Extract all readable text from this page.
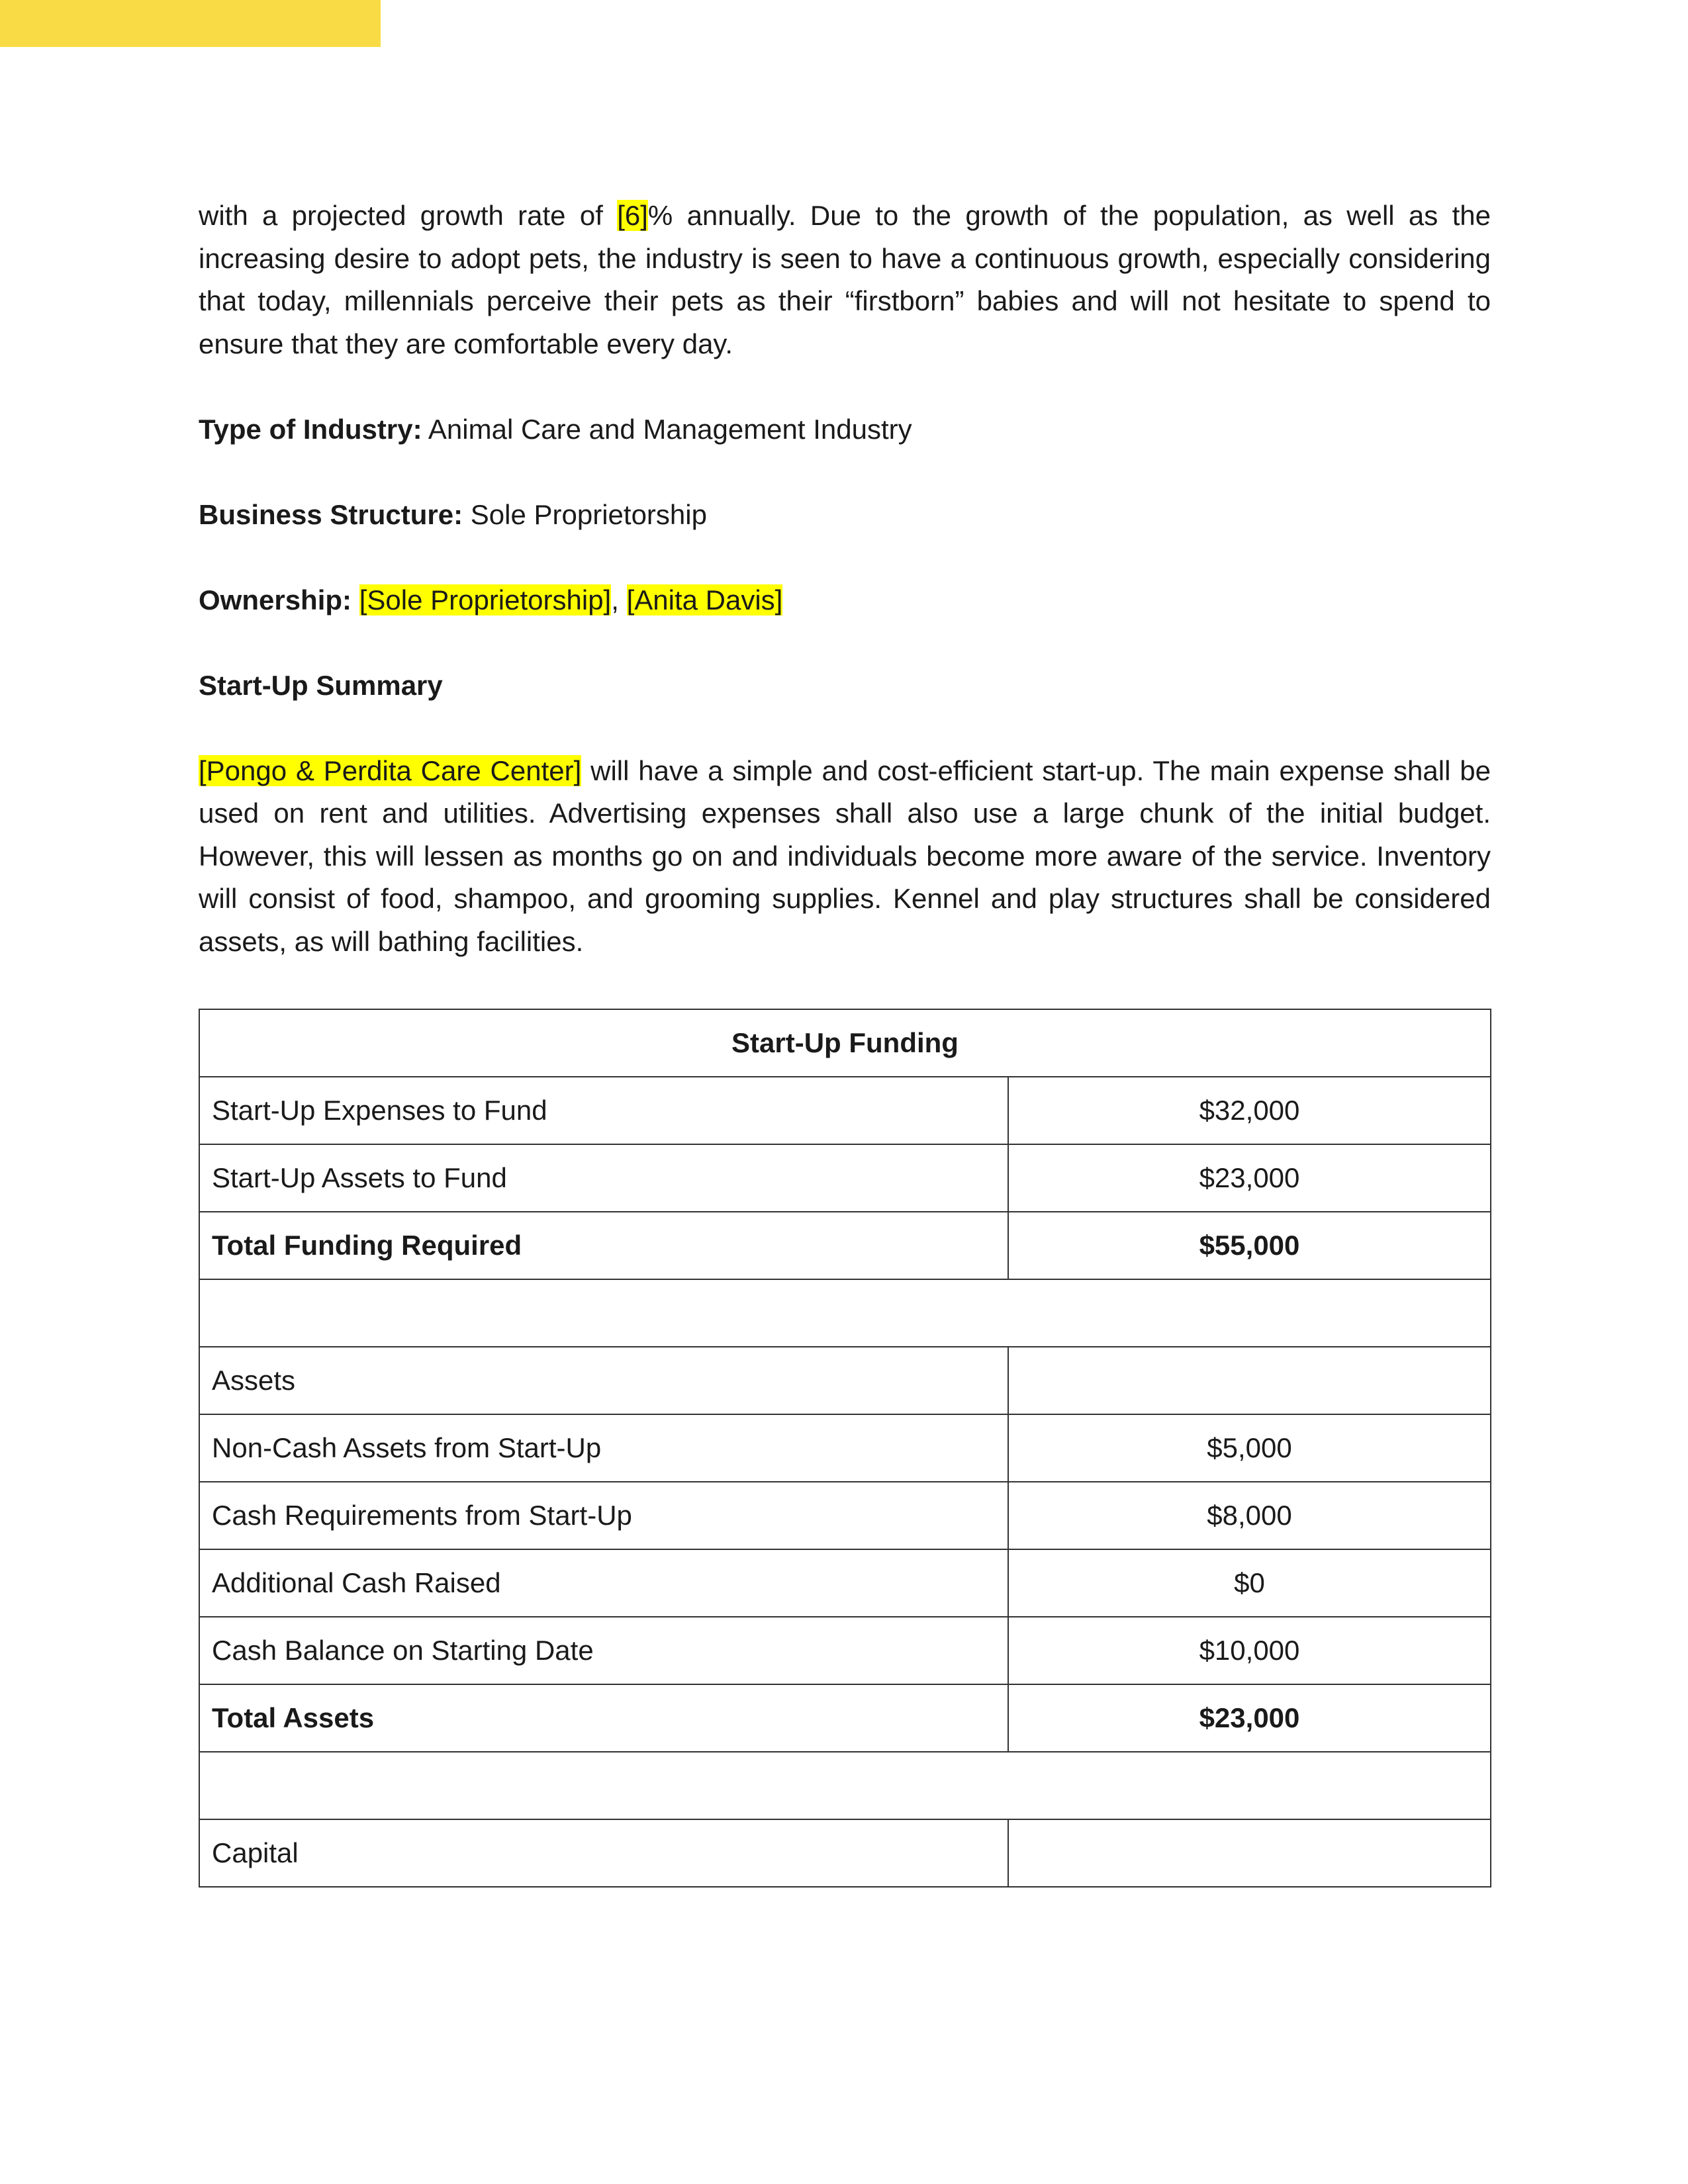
with a projected growth rate of [6]% annually. Due to the growth of the population, as well as the increasing desire to adopt pets, the industry is seen to have a continuous growth, especially considering that today, millennials perceive their pets as their “firstborn” babies and will not hesitate to spend to ensure that they are comfortable every day.

Type of Industry: Animal Care and Management Industry

Business Structure: Sole Proprietorship

Ownership: [Sole Proprietorship], [Anita Davis]

Start-Up Summary

[Pongo & Perdita Care Center] will have a simple and cost-efficient start-up. The main expense shall be used on rent and utilities. Advertising expenses shall also use a large chunk of the initial budget. However, this will lessen as months go on and individuals become more aware of the service. Inventory will consist of food, shampoo, and grooming supplies. Kennel and play structures shall be considered assets, as will bathing facilities.

Start-Up Funding	
Start-Up Expenses to Fund	$32,000
Start-Up Assets to Fund	$23,000
Total Funding Required	$55,000

Assets	
Non-Cash Assets from Start-Up	$5,000
Cash Requirements from Start-Up	$8,000
Additional Cash Raised	$0
Cash Balance on Starting Date	$10,000
Total Assets	$23,000

Capital	
